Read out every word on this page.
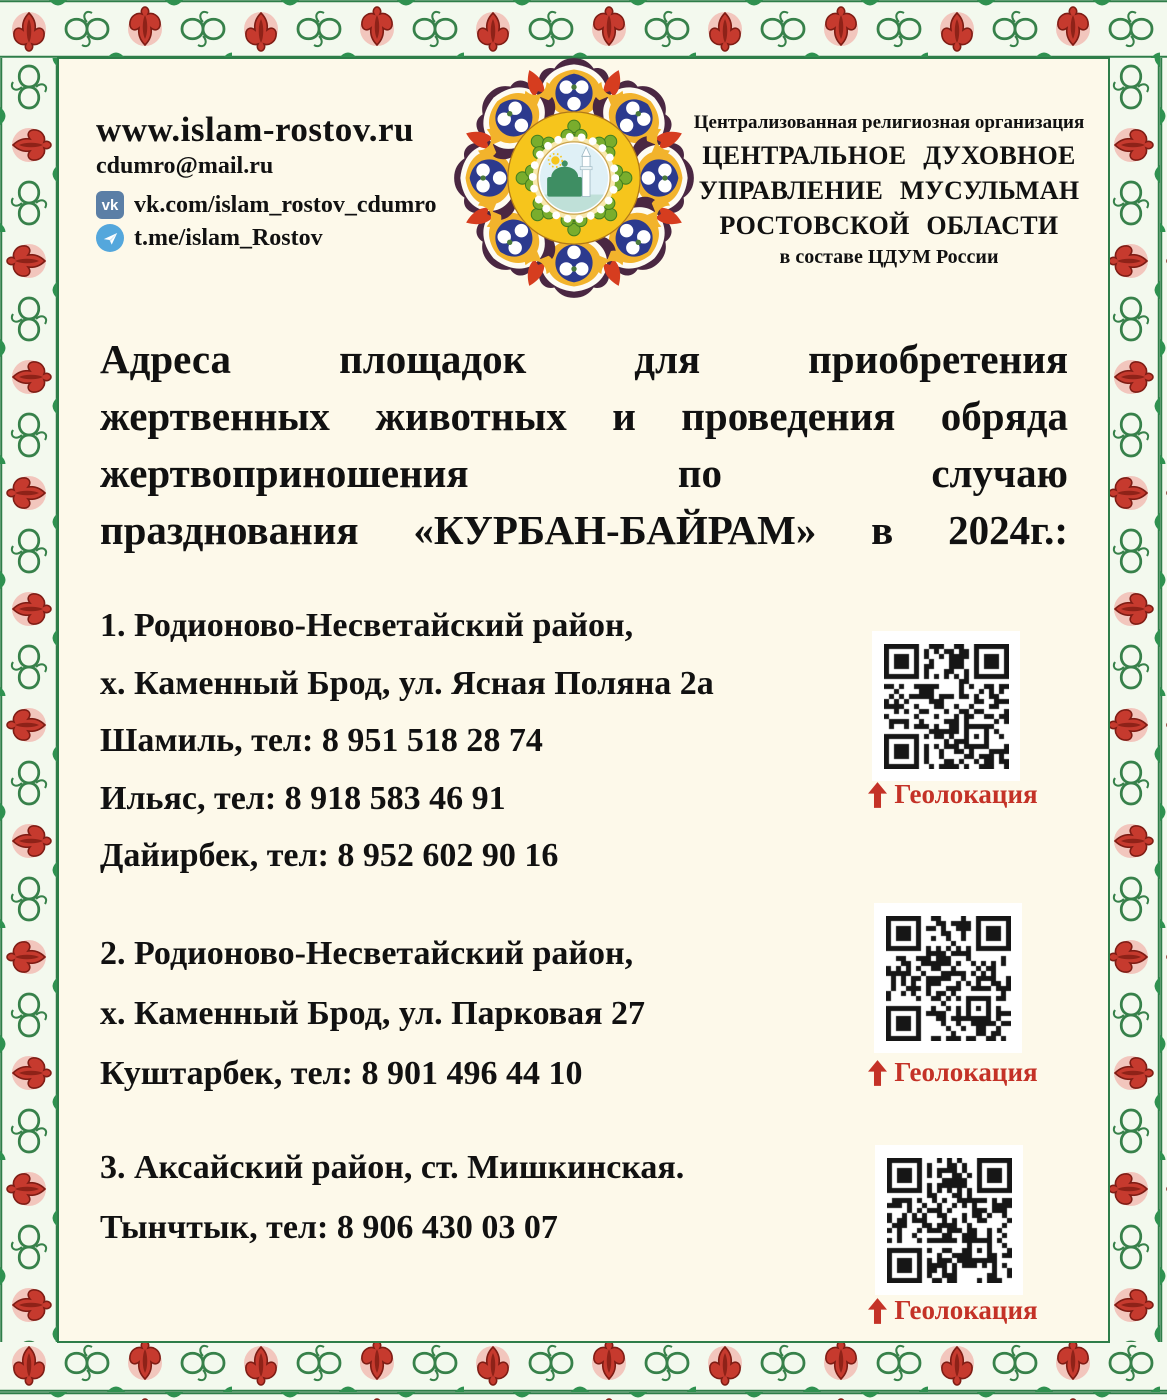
www.islam-rostov.ru
cdumro@mail.ru
vk vk.com/islam_rostov_cdumro
t.me/islam_Rostov
Централизованная религиозная организация
ЦЕНТРАЛЬНОЕ ДУХОВНОЕ
УПРАВЛЕНИЕ МУСУЛЬМАН
РОСТОВСКОЙ ОБЛАСТИ
в составе ЦДУМ России
Адреса площадок для приобретения
жертвенных животных и проведения обряда
жертвоприношения по случаю
празднования «КУРБАН-БАЙРАМ» в 2024г.:
1. Родионово-Несветайский район,
х. Каменный Брод, ул. Ясная Поляна 2а
Шамиль, тел: 8 951 518 28 74
Ильяс, тел: 8 918 583 46 91
Дайирбек, тел: 8 952 602 90 16
Геолокация
2. Родионово-Несветайский район,
х. Каменный Брод, ул. Парковая 27
Куштарбек, тел: 8 901 496 44 10	Геолокация
3. Аксайский район, ст. Мишкинская.
Тынчтык, тел: 8 906 430 03 07
Геолокация
